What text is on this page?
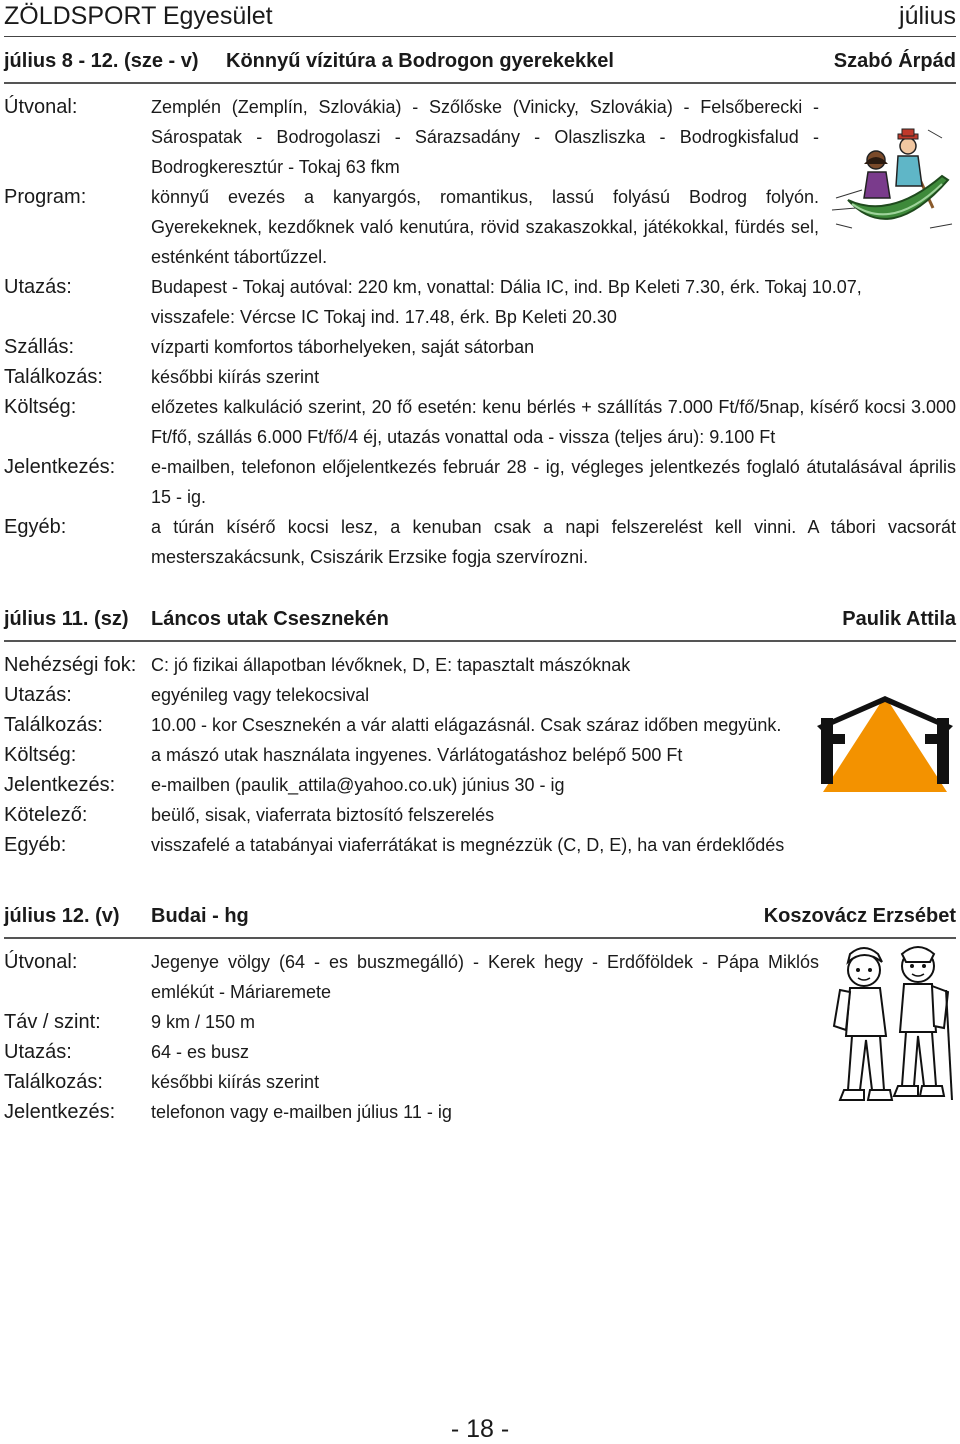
ZÖLDSPORT Egyesület	július
július 8 - 12. (sze - v) Könnyű vízitúra a Bodrogon gyerekekkel	Szabó Árpád
Útvonal:	Zemplén (Zemplín, Szlovákia) - Szőlőske (Vinicky, Szlovákia) - Felsőberecki - Sárospatak - Bodrogolaszi - Sárazsadány - Olaszliszka - Bodrogkisfalud - Bodrogkeresztúr - Tokaj 63 fkm
Program:	könnyű evezés a kanyargós, romantikus, lassú folyású Bodrog folyón. Gyerekeknek, kezdőknek való kenutúra, rövid szakaszokkal, játékokkal, fürdés sel, esténként tábortűzzel.
Utazás:	Budapest - Tokaj autóval: 220 km, vonattal: Dália IC, ind. Bp Keleti 7.30, érk. Tokaj 10.07,
visszafele: Vércse IC Tokaj ind. 17.48, érk. Bp Keleti 20.30
Szállás:	vízparti komfortos táborhelyeken, saját sátorban
Találkozás:	későbbi kiírás szerint
Költség:	előzetes kalkuláció szerint, 20 fő esetén: kenu bérlés + szállítás 7.000 Ft/fő/5nap, kísérő kocsi 3.000 Ft/fő, szállás 6.000 Ft/fő/4 éj, utazás vonattal oda - vissza (teljes áru): 9.100 Ft
Jelentkezés:	e-mailben, telefonon előjelentkezés február 28 - ig, végleges jelentkezés foglaló átutalásával április 15 - ig.
Egyéb:	a túrán kísérő kocsi lesz, a kenuban csak a napi felszerelést kell vinni. A tábori vacsorát mesterszakácsunk, Csiszárik Erzsike fogja szervírozni.
július 11. (sz) Láncos utak Csesznekén	Paulik Attila
Nehézségi fok: C: jó fizikai állapotban lévőknek, D, E: tapasztalt mászóknak
Utazás:	egyénileg vagy telekocsival
Találkozás:	10.00 - kor Csesznekén a vár alatti elágazásnál. Csak száraz időben megyünk.
Költség:	a mászó utak használata ingyenes. Várlátogatáshoz belépő 500 Ft
Jelentkezés:	e-mailben (paulik_attila@yahoo.co.uk) június 30 - ig
Kötelező:	beülő, sisak, viaferrata biztosító felszerelés
Egyéb:	visszafelé a tatabányai viaferrátákat is megnézzük (C, D, E), ha van érdeklődés
július 12. (v) Budai - hg	Koszovácz Erzsébet
Útvonal:	Jegenye völgy (64 - es buszmegálló) - Kerek hegy - Erdőföldek - Pápa Miklós emlékút - Máriaremete
Táv / szint:	9 km / 150 m
Utazás:	64 - es busz
Találkozás:	későbbi kiírás szerint
Jelentkezés:	telefonon vagy e-mailben július 11 - ig
- 18 -
